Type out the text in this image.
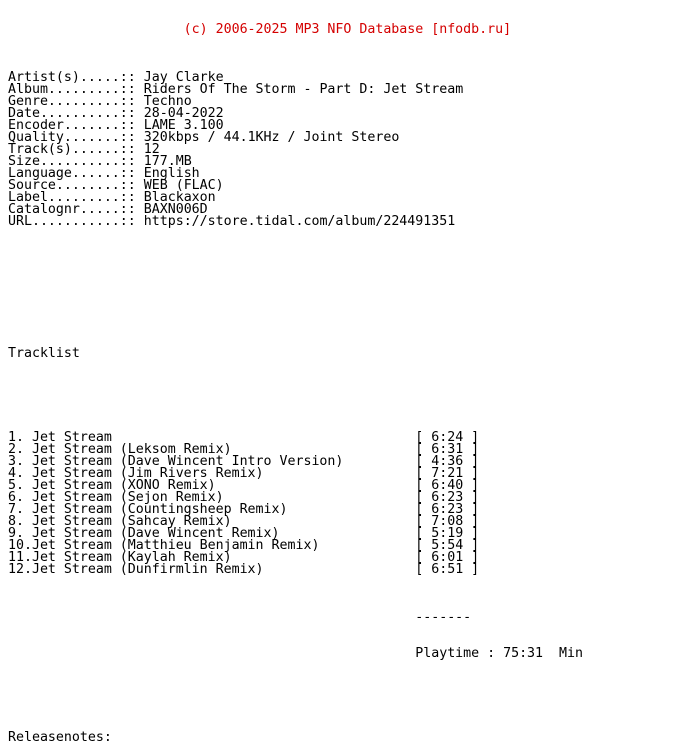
(c) 2006-2025 MP3 NFO Database [nfodb.ru]

Artist(s).....:: Jay Clarke
Album.........:: Riders Of The Storm - Part D: Jet Stream
Genre.........:: Techno
Date..........:: 28-04-2022
Encoder.......:: LAME 3.100
Quality.......:: 320kbps / 44.1KHz / Joint Stereo
Track(s)......:: 12
Size..........:: 177.MB
Language......:: English
Source........:: WEB (FLAC)
Label.........:: Blackaxon
Catalognr.....:: BAXN006D
URL...........:: https://store.tidal.com/album/224491351

Tracklist

1. Jet Stream                                      [ 6:24 ]
2. Jet Stream (Leksom Remix)                       [ 6:31 ]
3. Jet Stream (Dave Wincent Intro Version)         [ 4:36 ]
4. Jet Stream (Jim Rivers Remix)                   [ 7:21 ]
5. Jet Stream (XONO Remix)                         [ 6:40 ]
6. Jet Stream (Sejon Remix)                        [ 6:23 ]
7. Jet Stream (Countingsheep Remix)                [ 6:23 ]
8. Jet Stream (Sahcay Remix)                       [ 7:08 ]
9. Jet Stream (Dave Wincent Remix)                 [ 5:19 ]
10.Jet Stream (Matthieu Benjamin Remix)            [ 5:54 ]
11.Jet Stream (Kaylah Remix)                       [ 6:01 ]
12.Jet Stream (Dunfirmlin Remix)                   [ 6:51 ]

-------

Playtime : 75:31  Min

Releasenotes:
